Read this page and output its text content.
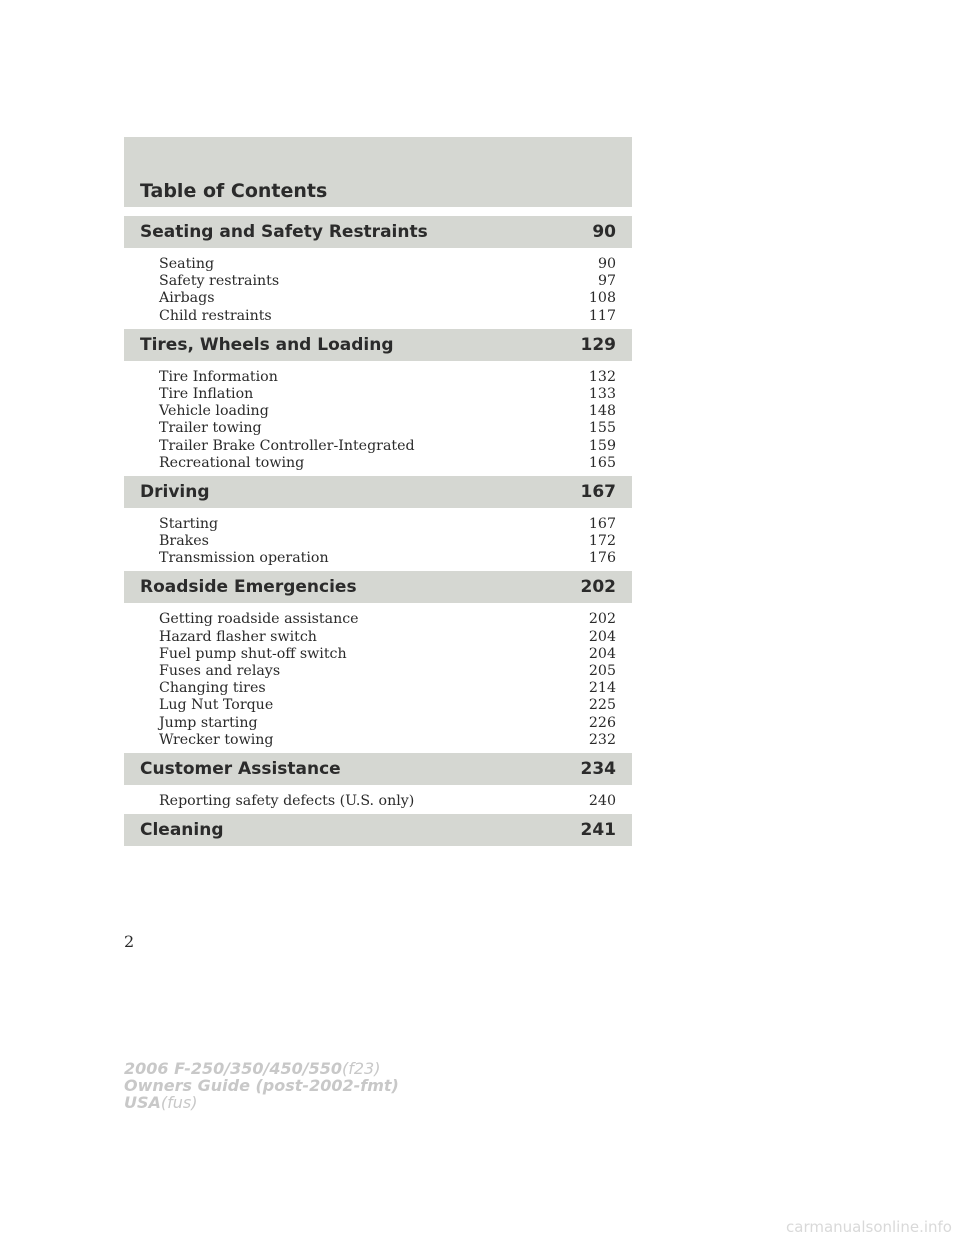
Table of Contents
Seating and Safety Restraints	90
Seating	90
Safety restraints	97
Airbags	108
Child restraints	117
Tires, Wheels and Loading	129
Tire Information	132
Tire Inflation	133
Vehicle loading	148
Trailer towing	155
Trailer Brake Controller-Integrated	159
Recreational towing	165
Driving	167
Starting	167
Brakes	172
Transmission operation	176
Roadside Emergencies	202
Getting roadside assistance	202
Hazard flasher switch	204
Fuel pump shut-off switch	204
Fuses and relays	205
Changing tires	214
Lug Nut Torque	225
Jump starting	226
Wrecker towing	232
Customer Assistance	234
Reporting safety defects (U.S. only)	240
Cleaning	241
2
2006 F-250/350/450/550(f23)
Owners Guide (post-2002-fmt)
USA(fus)
carmanualsonline.info
